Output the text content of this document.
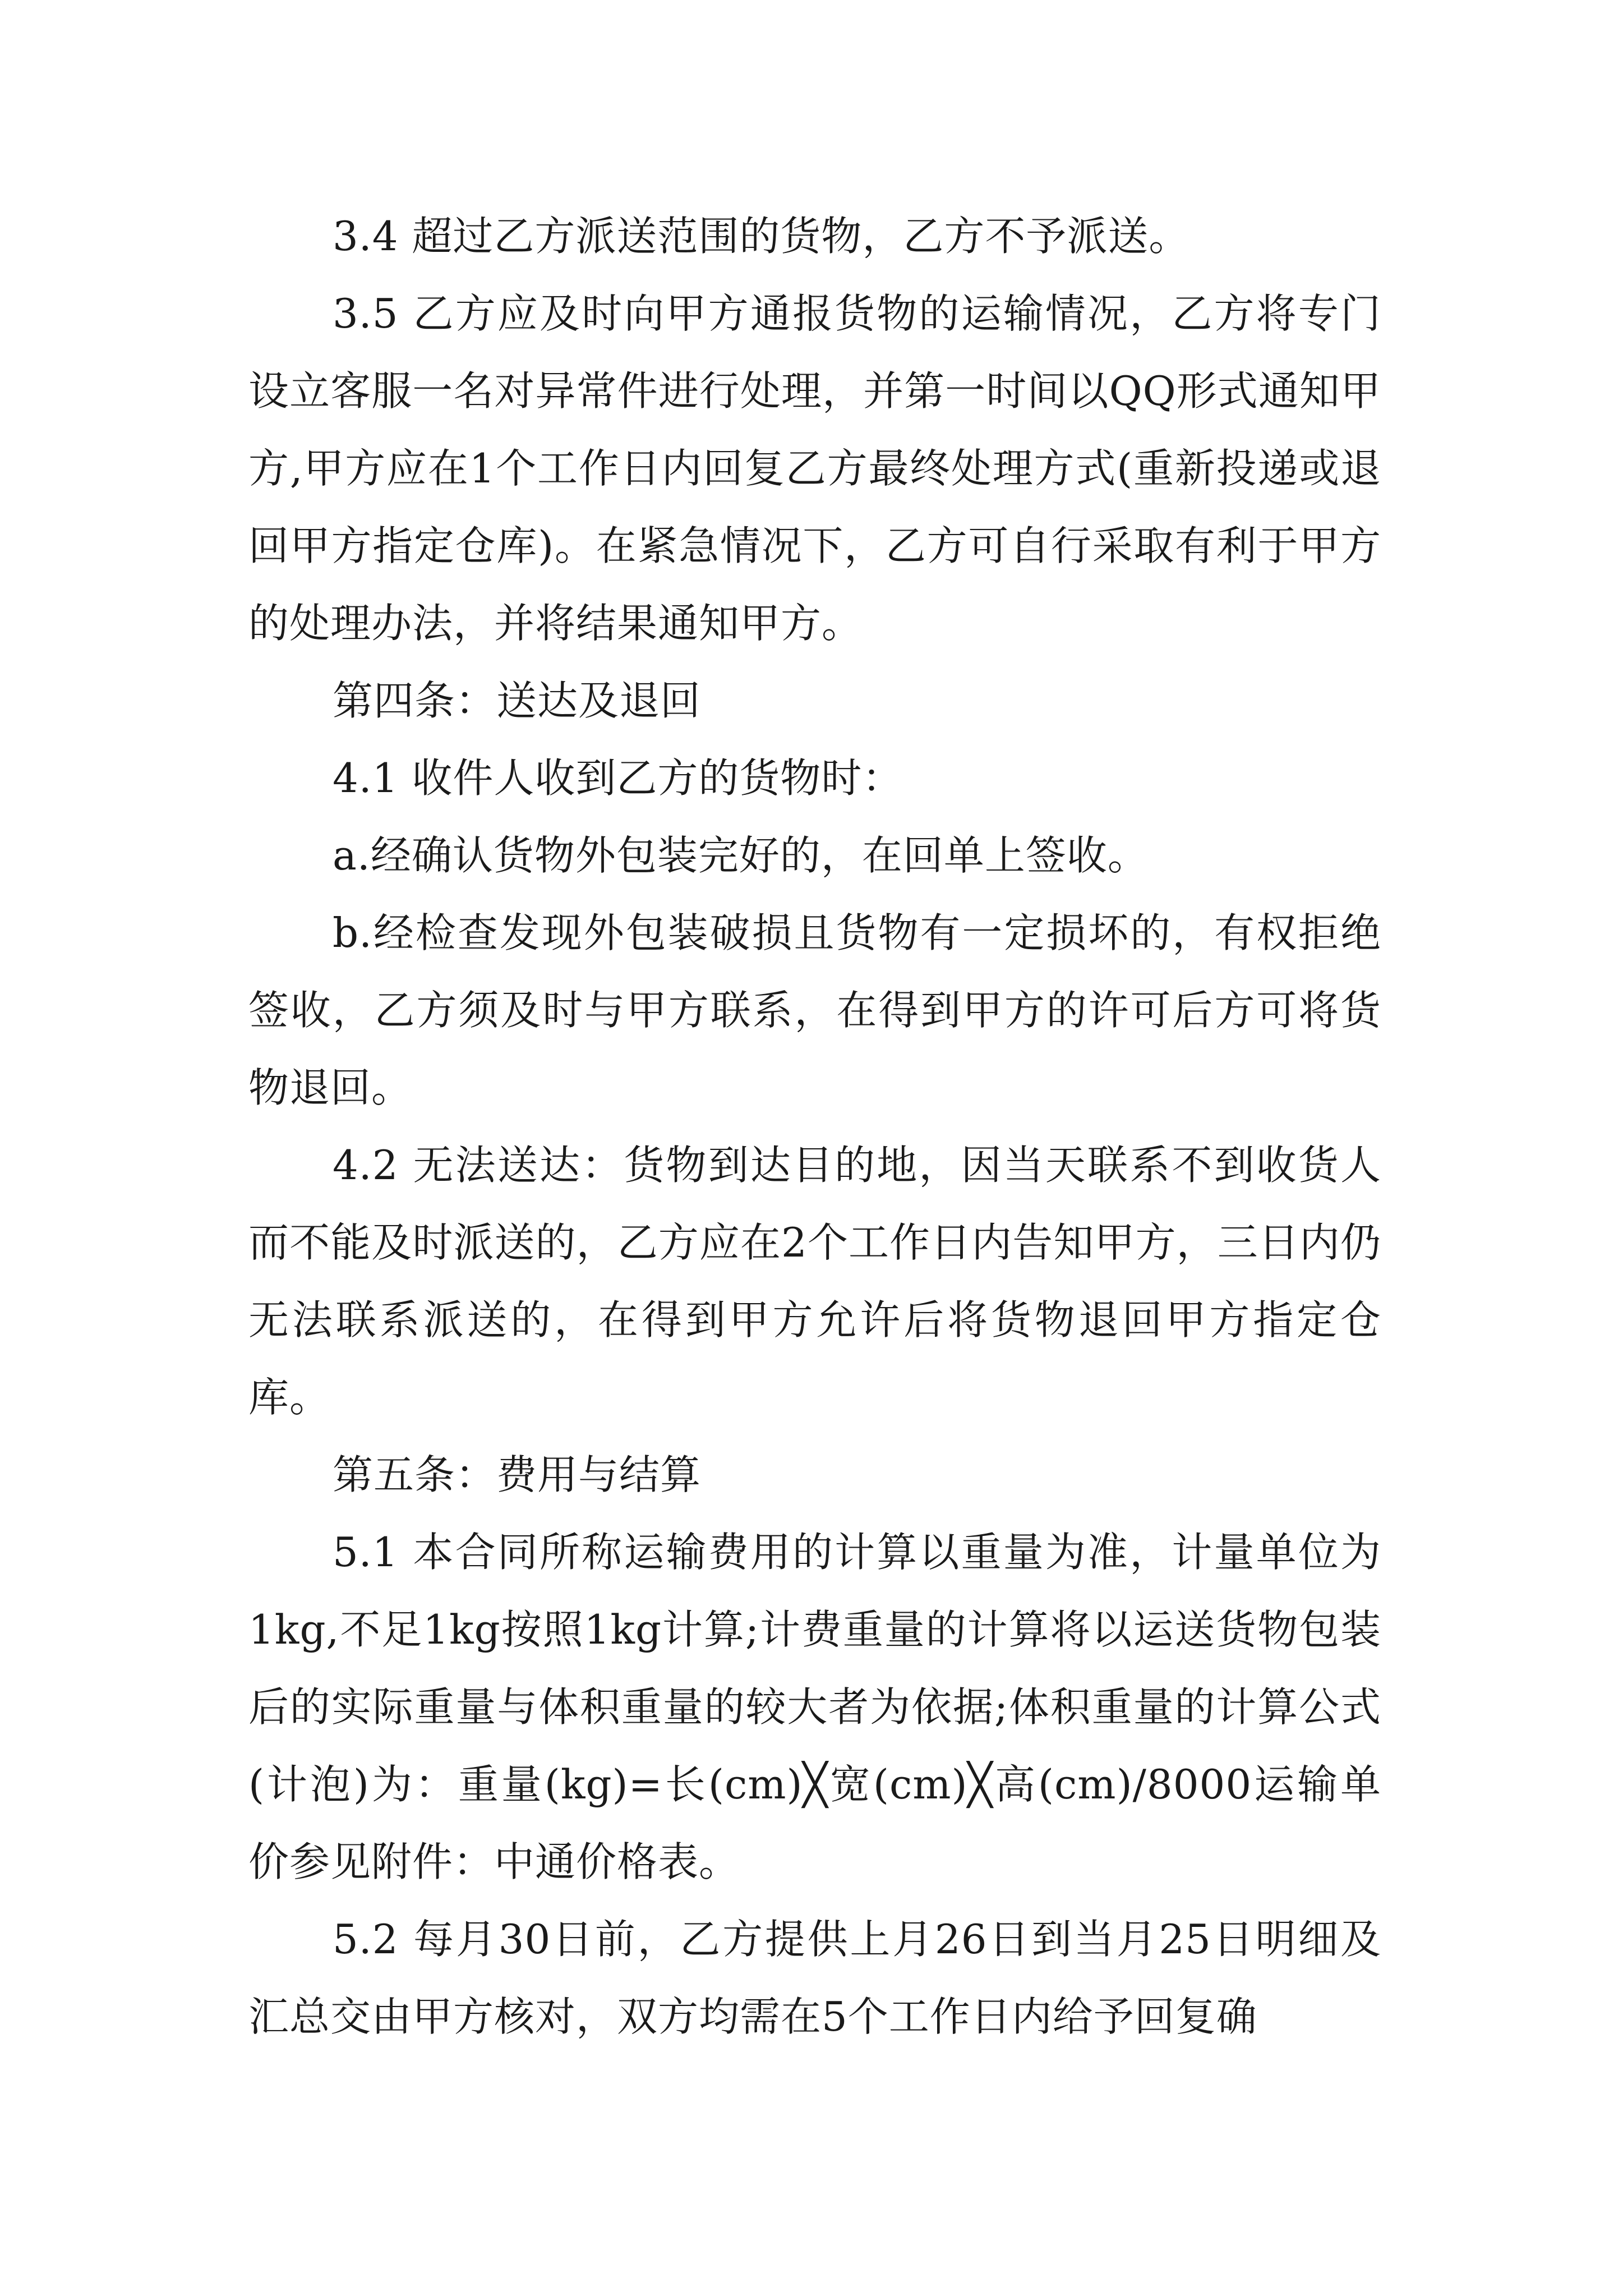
3.4 超过乙方派送范围的货物，乙方不予派送。

3.5 乙方应及时向甲方通报货物的运输情况，乙方将专门设立客服一名对异常件进行处理，并第一时间以QQ形式通知甲方,甲方应在1个工作日内回复乙方最终处理方式(重新投递或退回甲方指定仓库)。在紧急情况下，乙方可自行采取有利于甲方的处理办法，并将结果通知甲方。

第四条：送达及退回

4.1 收件人收到乙方的货物时：

a.经确认货物外包装完好的，在回单上签收。

b.经检查发现外包装破损且货物有一定损坏的，有权拒绝签收，乙方须及时与甲方联系，在得到甲方的许可后方可将货物退回。

4.2 无法送达：货物到达目的地，因当天联系不到收货人而不能及时派送的，乙方应在2个工作日内告知甲方，三日内仍无法联系派送的，在得到甲方允许后将货物退回甲方指定仓库。

第五条：费用与结算

5.1 本合同所称运输费用的计算以重量为准，计量单位为1kg,不足1kg按照1kg计算;计费重量的计算将以运送货物包装后的实际重量与体积重量的较大者为依据;体积重量的计算公式(计泡)为：重量(kg)=长(cm)╳宽(cm)╳高(cm)/8000运输单价参见附件：中通价格表。

5.2 每月30日前，乙方提供上月26日到当月25日明细及汇总交由甲方核对，双方均需在5个工作日内给予回复确
